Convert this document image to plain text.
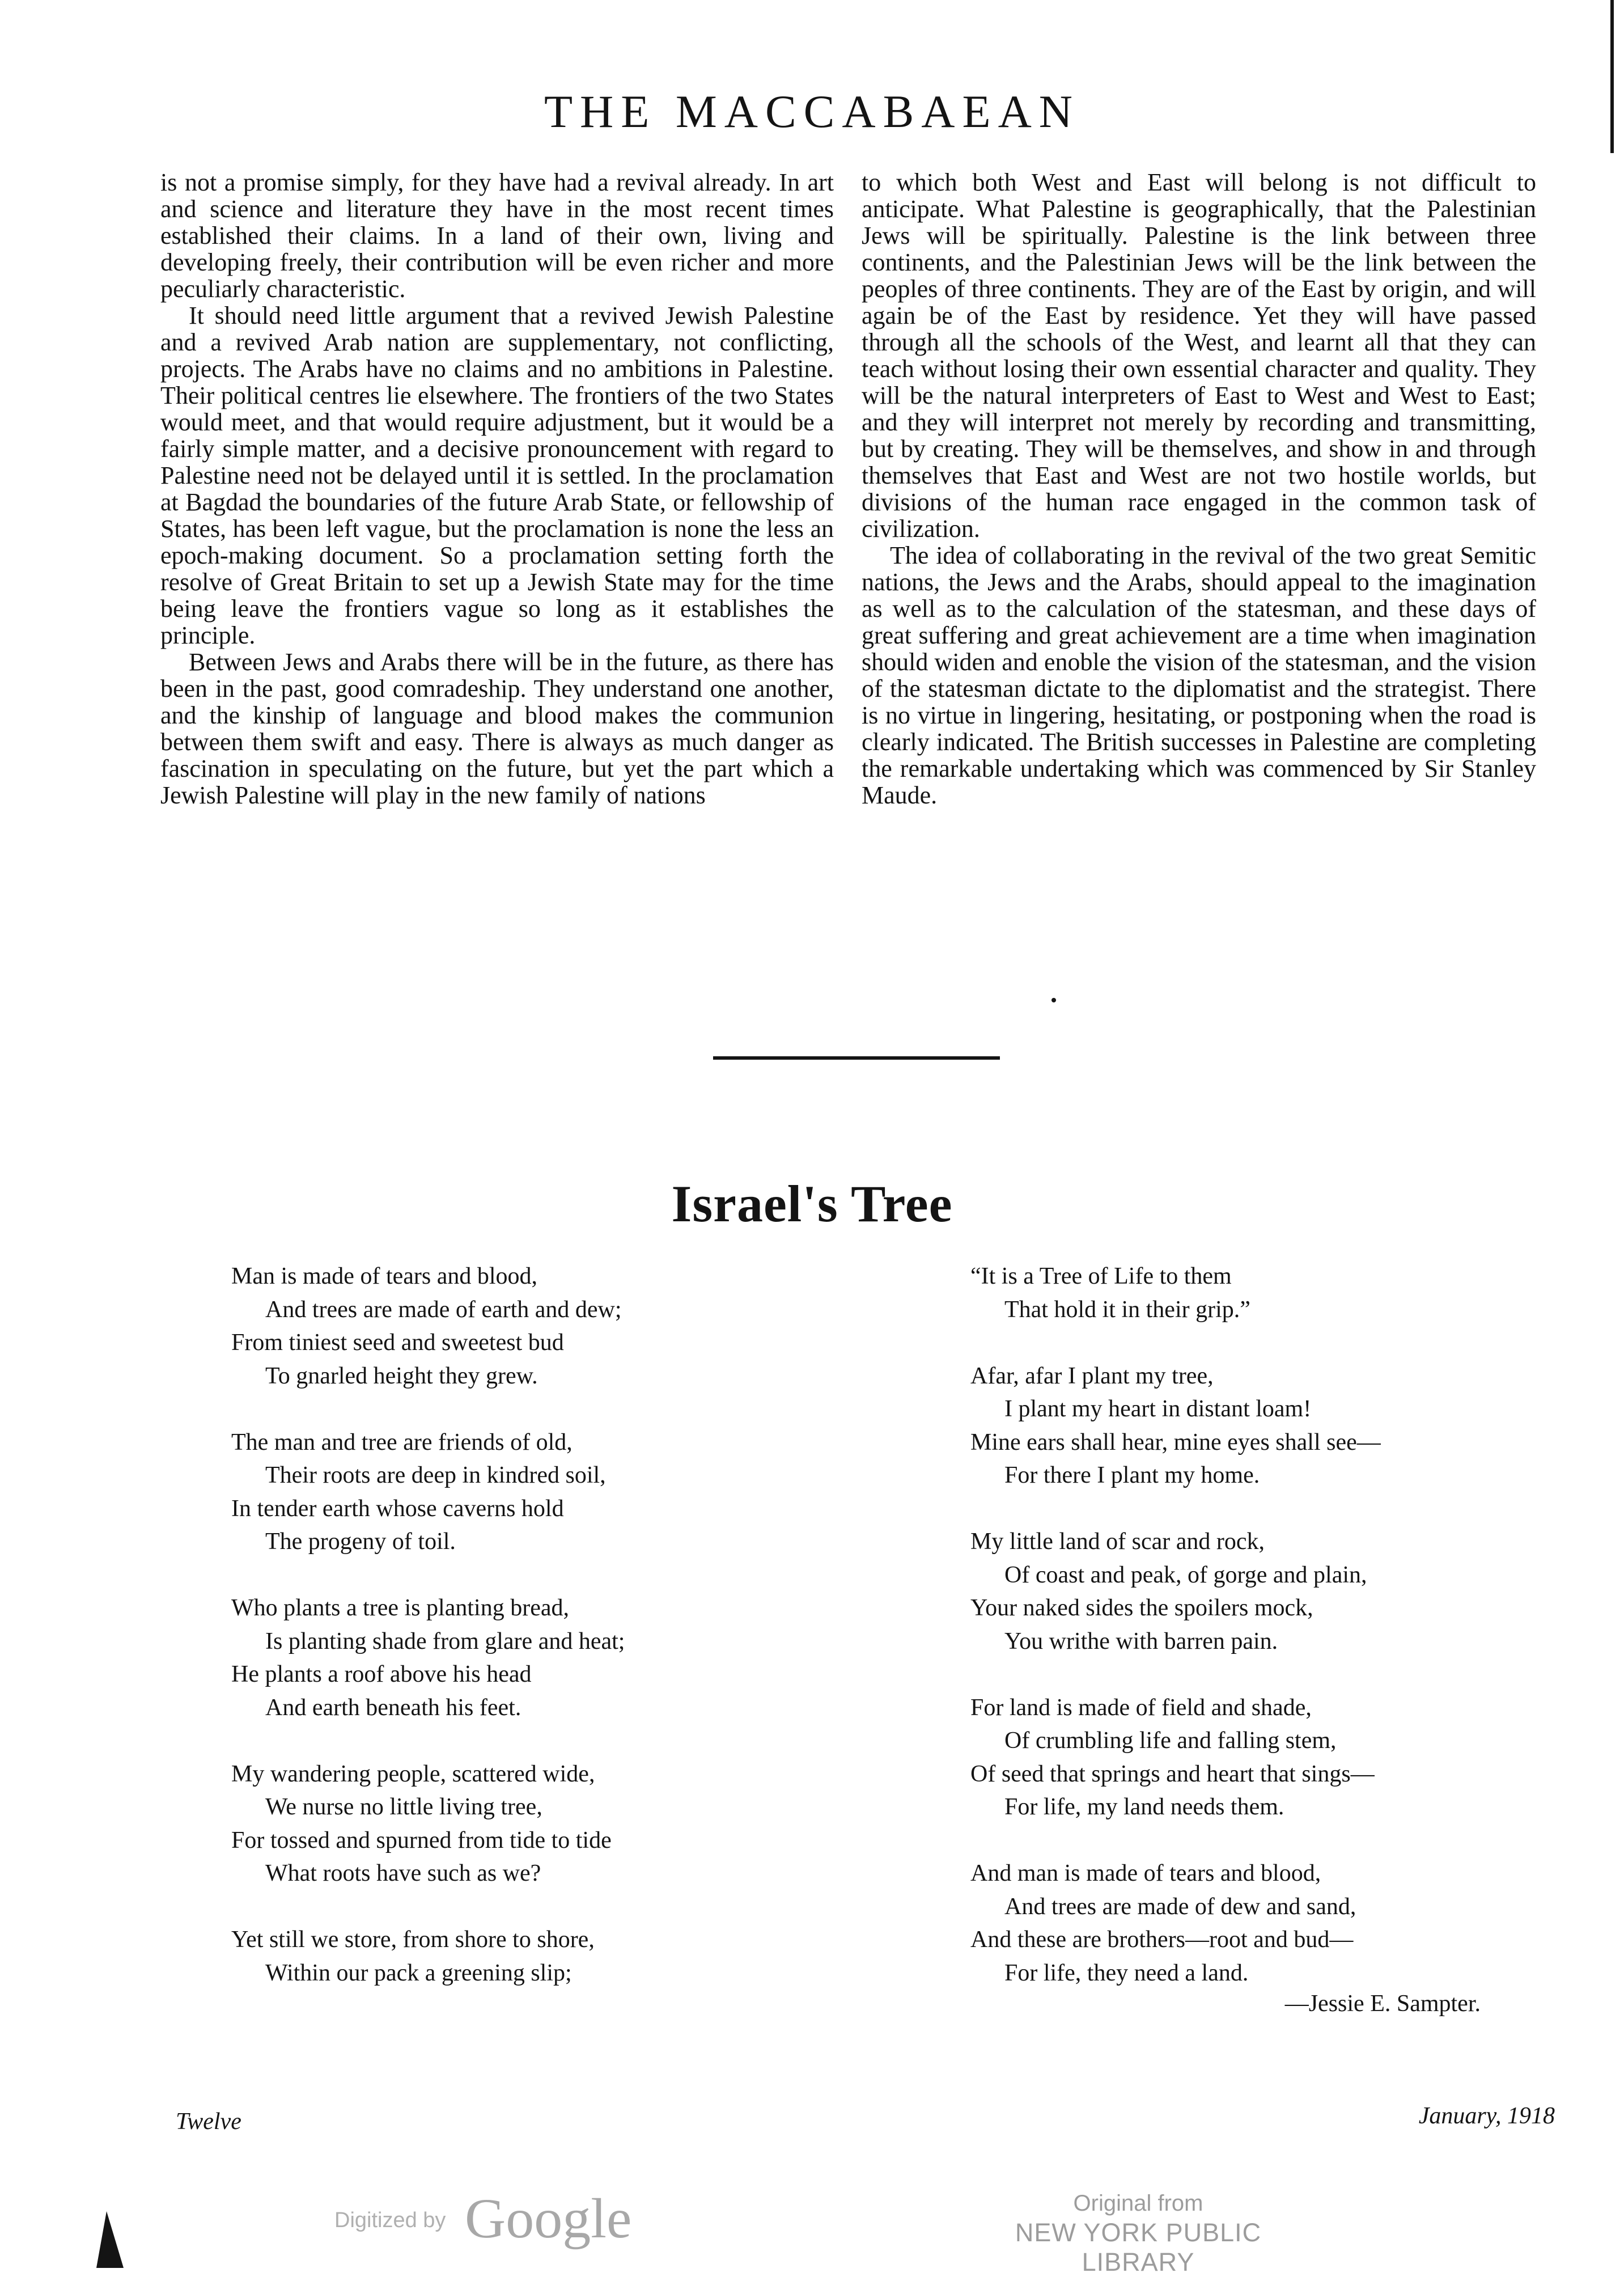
THE MACCABAEAN

is not a promise simply, for they have had a revival already. In art and science and literature they have in the most recent times established their claims. In a land of their own, living and developing freely, their contribution will be even richer and more peculiarly characteristic.

It should need little argument that a revived Jewish Palestine and a revived Arab nation are supplementary, not conflicting, projects. The Arabs have no claims and no ambitions in Palestine. Their political centres lie elsewhere. The frontiers of the two States would meet, and that would require adjustment, but it would be a fairly simple matter, and a decisive pronouncement with regard to Palestine need not be delayed until it is settled. In the proclamation at Bagdad the boundaries of the future Arab State, or fellowship of States, has been left vague, but the proclamation is none the less an epoch-making document. So a proclamation setting forth the resolve of Great Britain to set up a Jewish State may for the time being leave the frontiers vague so long as it establishes the principle.

Between Jews and Arabs there will be in the future, as there has been in the past, good comradeship. They understand one another, and the kinship of language and blood makes the communion between them swift and easy. There is always as much danger as fascination in speculating on the future, but yet the part which a Jewish Palestine will play in the new family of nations

to which both West and East will belong is not difficult to anticipate. What Palestine is geographically, that the Palestinian Jews will be spiritually. Palestine is the link between three continents, and the Palestinian Jews will be the link between the peoples of three continents. They are of the East by origin, and will again be of the East by residence. Yet they will have passed through all the schools of the West, and learnt all that they can teach without losing their own essential character and quality. They will be the natural interpreters of East to West and West to East; and they will interpret not merely by recording and transmitting, but by creating. They will be themselves, and show in and through themselves that East and West are not two hostile worlds, but divisions of the human race engaged in the common task of civilization.

The idea of collaborating in the revival of the two great Semitic nations, the Jews and the Arabs, should appeal to the imagination as well as to the calculation of the statesman, and these days of great suffering and great achievement are a time when imagination should widen and enoble the vision of the statesman, and the vision of the statesman dictate to the diplomatist and the strategist. There is no virtue in lingering, hesitating, or postponing when the road is clearly indicated. The British successes in Palestine are completing the remarkable undertaking which was commenced by Sir Stanley Maude.

Israel's Tree
Man is made of tears and blood,
And trees are made of earth and dew;
From tiniest seed and sweetest bud
To gnarled height they grew.
The man and tree are friends of old,
Their roots are deep in kindred soil,
In tender earth whose caverns hold
The progeny of toil.
Who plants a tree is planting bread,
Is planting shade from glare and heat;
He plants a roof above his head
And earth beneath his feet.
My wandering people, scattered wide,
We nurse no little living tree,
For tossed and spurned from tide to tide
What roots have such as we?
Yet still we store, from shore to shore,
Within our pack a greening slip;
“It is a Tree of Life to them
That hold it in their grip.”
Afar, afar I plant my tree,
I plant my heart in distant loam!
Mine ears shall hear, mine eyes shall see—
For there I plant my home.
My little land of scar and rock,
Of coast and peak, of gorge and plain,
Your naked sides the spoilers mock,
You writhe with barren pain.
For land is made of field and shade,
Of crumbling life and falling stem,
Of seed that springs and heart that sings—
For life, my land needs them.
And man is made of tears and blood,
And trees are made of dew and sand,
And these are brothers—root and bud—
For life, they need a land.
—Jessie E. Sampter.
Twelve	January, 1918
Digitized by Google	Original from
NEW YORK PUBLIC LIBRARY
